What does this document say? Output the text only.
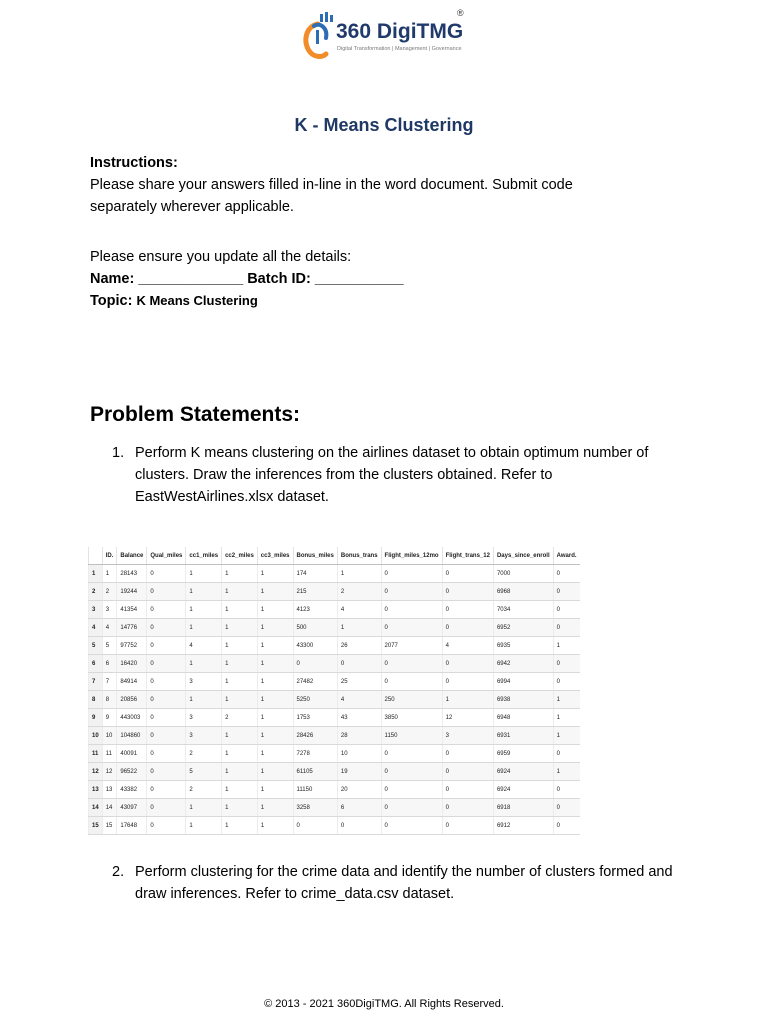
360 DigiTMG
®
Digital Transformation | Management | Governance
K - Means Clustering
Instructions:
Please share your answers filled in-line in the word document. Submit code separately wherever applicable.
Please ensure you update all the details:
Name: _____________ Batch ID: ___________
Topic: K Means Clustering
Problem Statements:
1. Perform K means clustering on the airlines dataset to obtain optimum number of clusters. Draw the inferences from the clusters obtained. Refer to EastWestAirlines.xlsx dataset.
	ID.	Balance	Qual_miles	cc1_miles	cc2_miles	cc3_miles	Bonus_miles	Bonus_trans	Flight_miles_12mo	Flight_trans_12	Days_since_enroll	Award.
1	1	28143	0	1	1	1	174	1	0	0	7000	0
2	2	19244	0	1	1	1	215	2	0	0	6968	0
3	3	41354	0	1	1	1	4123	4	0	0	7034	0
4	4	14776	0	1	1	1	500	1	0	0	6952	0
5	5	97752	0	4	1	1	43300	26	2077	4	6935	1
6	6	16420	0	1	1	1	0	0	0	0	6942	0
7	7	84914	0	3	1	1	27482	25	0	0	6994	0
8	8	20856	0	1	1	1	5250	4	250	1	6938	1
9	9	443003	0	3	2	1	1753	43	3850	12	6948	1
10	10	104860	0	3	1	1	28426	28	1150	3	6931	1
11	11	40091	0	2	1	1	7278	10	0	0	6959	0
12	12	96522	0	5	1	1	61105	19	0	0	6924	1
13	13	43382	0	2	1	1	11150	20	0	0	6924	0
14	14	43097	0	1	1	1	3258	6	0	0	6918	0
15	15	17648	0	1	1	1	0	0	0	0	6912	0
2. Perform clustering for the crime data and identify the number of clusters formed and draw inferences. Refer to crime_data.csv dataset.
© 2013 - 2021 360DigiTMG. All Rights Reserved.
